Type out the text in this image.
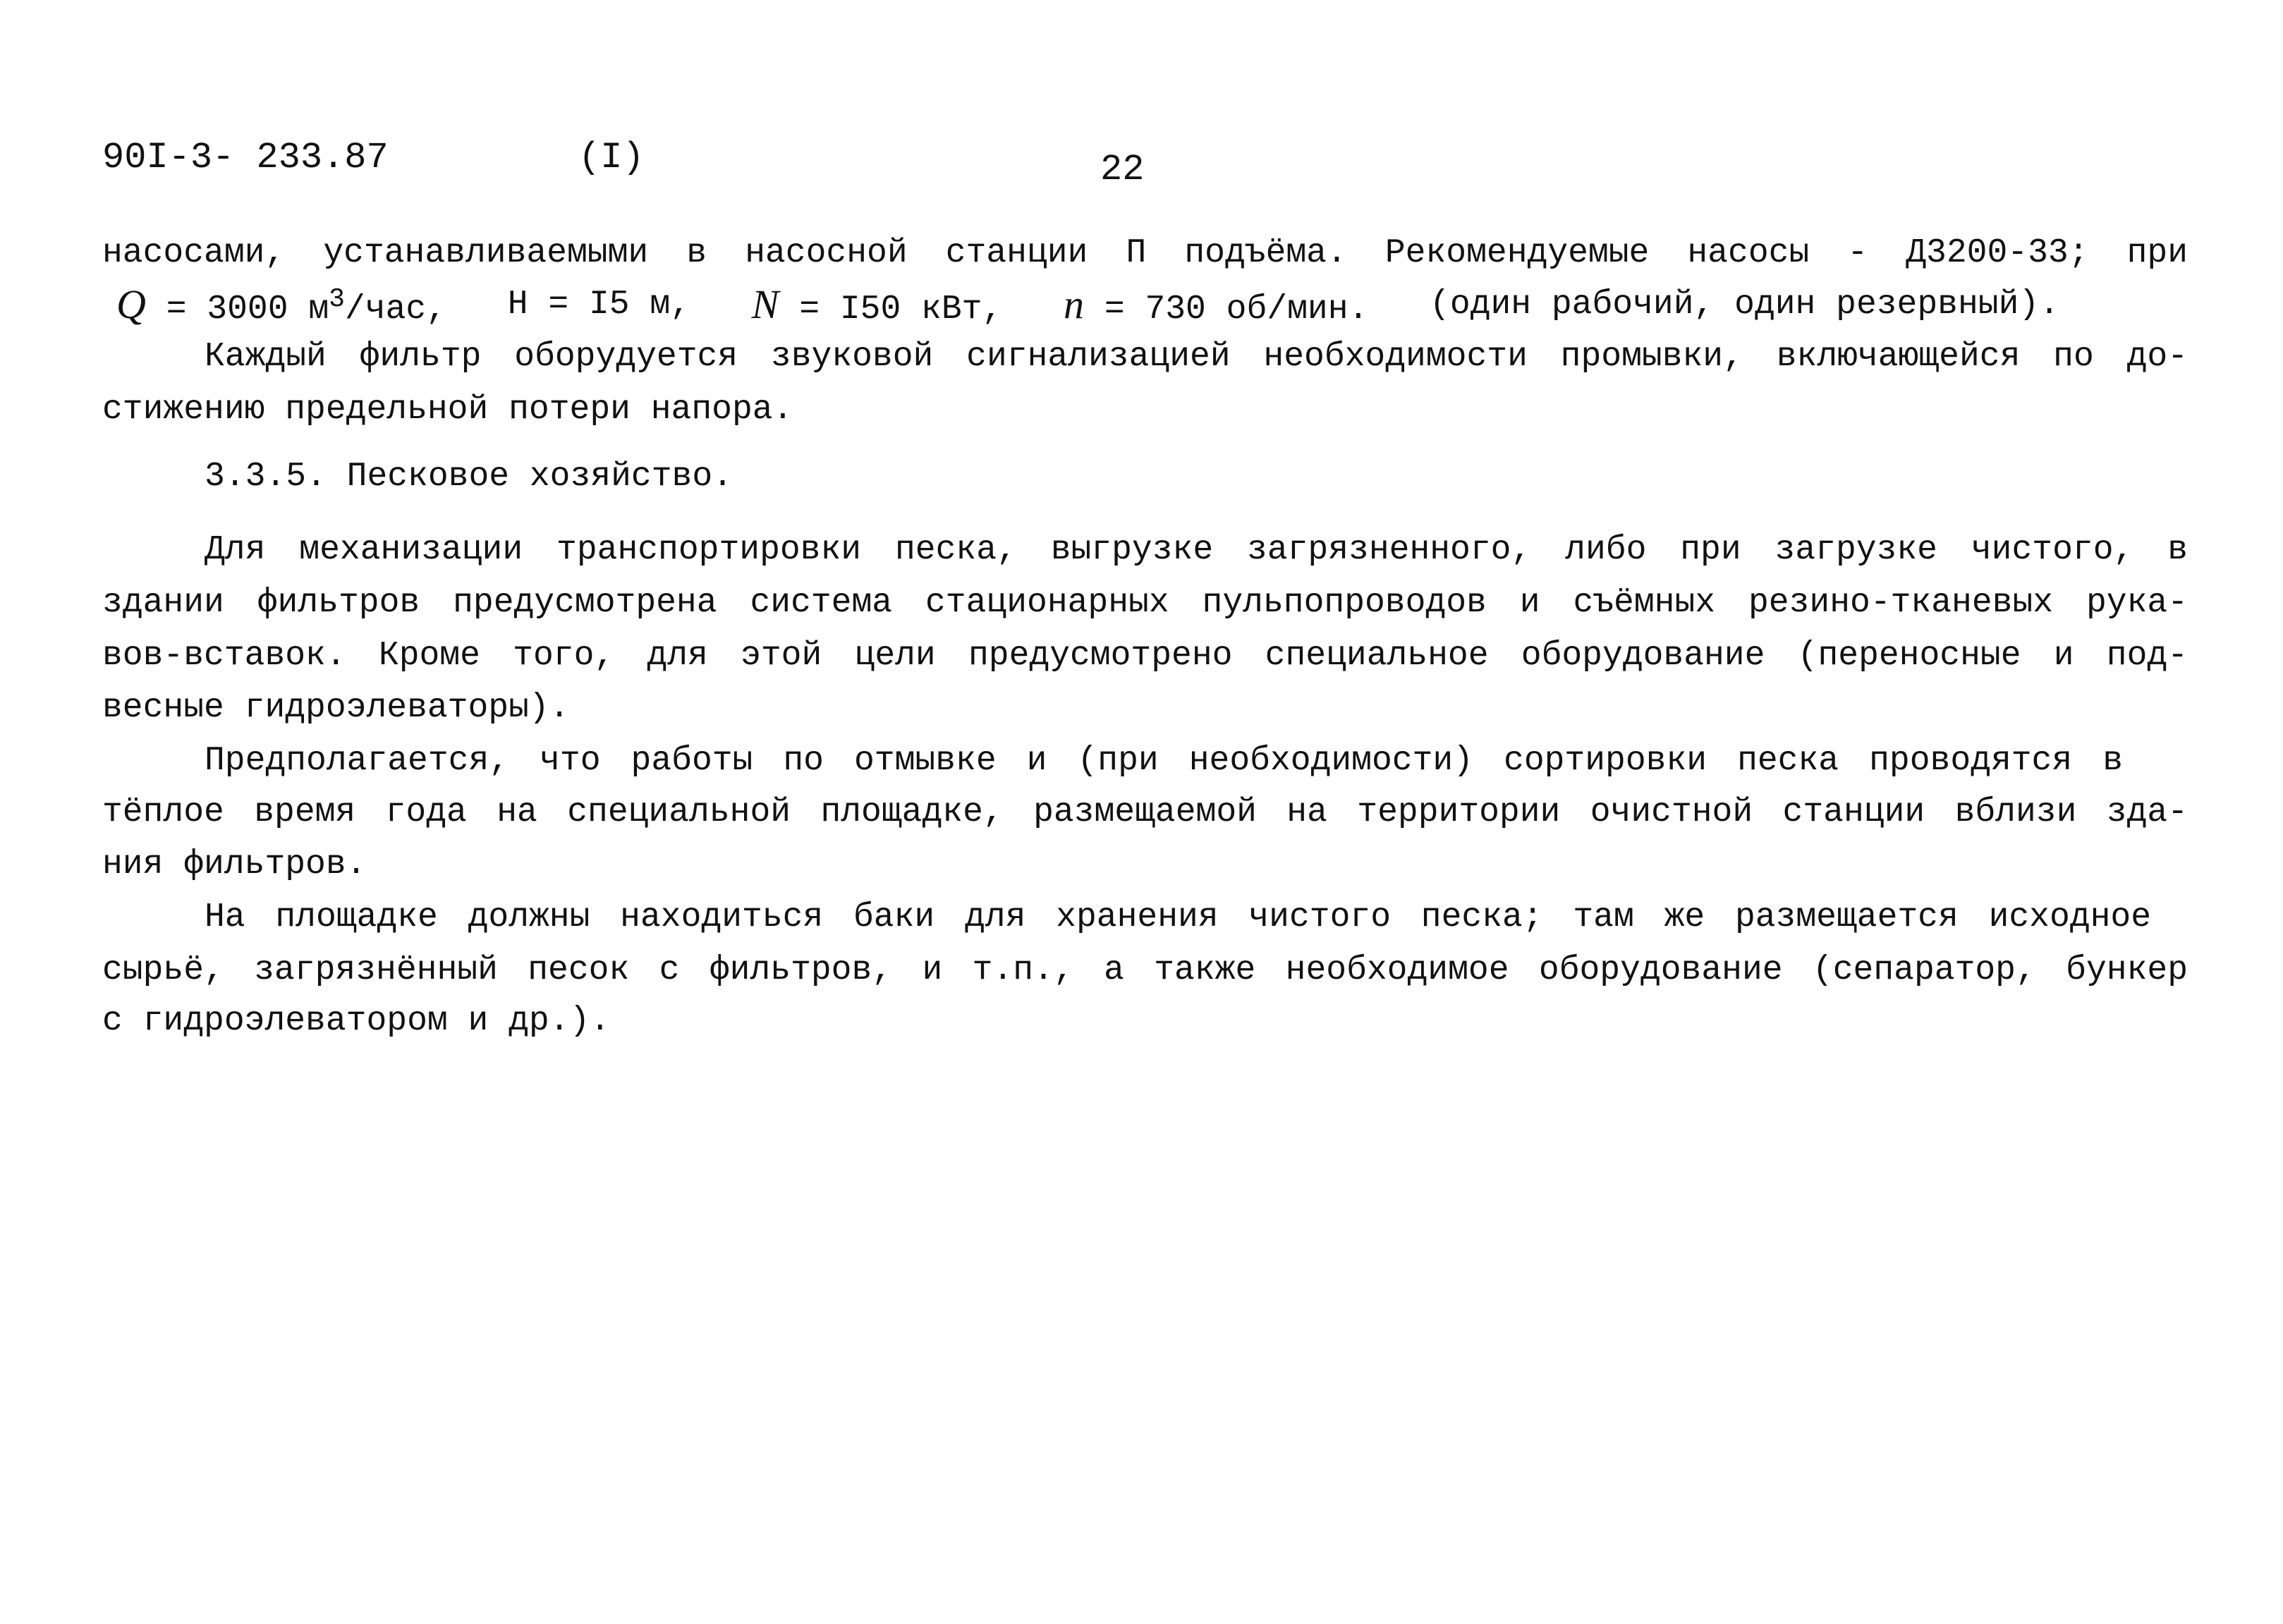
90I-3- 233.87	(I)	22
насосами, устанавливаемыми в насосной станции П подъёма. Рекомендуемые насосы - Д3200-33; при
Q = 3000 $м^3$/час, H = I5 м, N = I50 кВт, n = 730 об/мин. (один рабочий, один резервный).
Каждый фильтр оборудуется звуковой сигнализацией необходимости промывки, включающейся по до-
стижению предельной потери напора.
3.3.5. Песковое хозяйство.
Для механизации транспортировки песка, выгрузке загрязненного, либо при загрузке чистого, в
здании фильтров предусмотрена система стационарных пульпопроводов и съёмных резино-тканевых рука-
вов-вставок. Кроме того, для этой цели предусмотрено специальное оборудование (переносные и под-
весные гидроэлеваторы).
Предполагается, что работы по отмывке и (при необходимости) сортировки песка проводятся в
тёплое время года на специальной площадке, размещаемой на территории очистной станции вблизи зда-
ния фильтров.
На площадке должны находиться баки для хранения чистого песка; там же размещается исходное
сырьё, загрязнённый песок с фильтров, и т.п., а также необходимое оборудование (сепаратор, бункер
с гидроэлеватором и др.).
